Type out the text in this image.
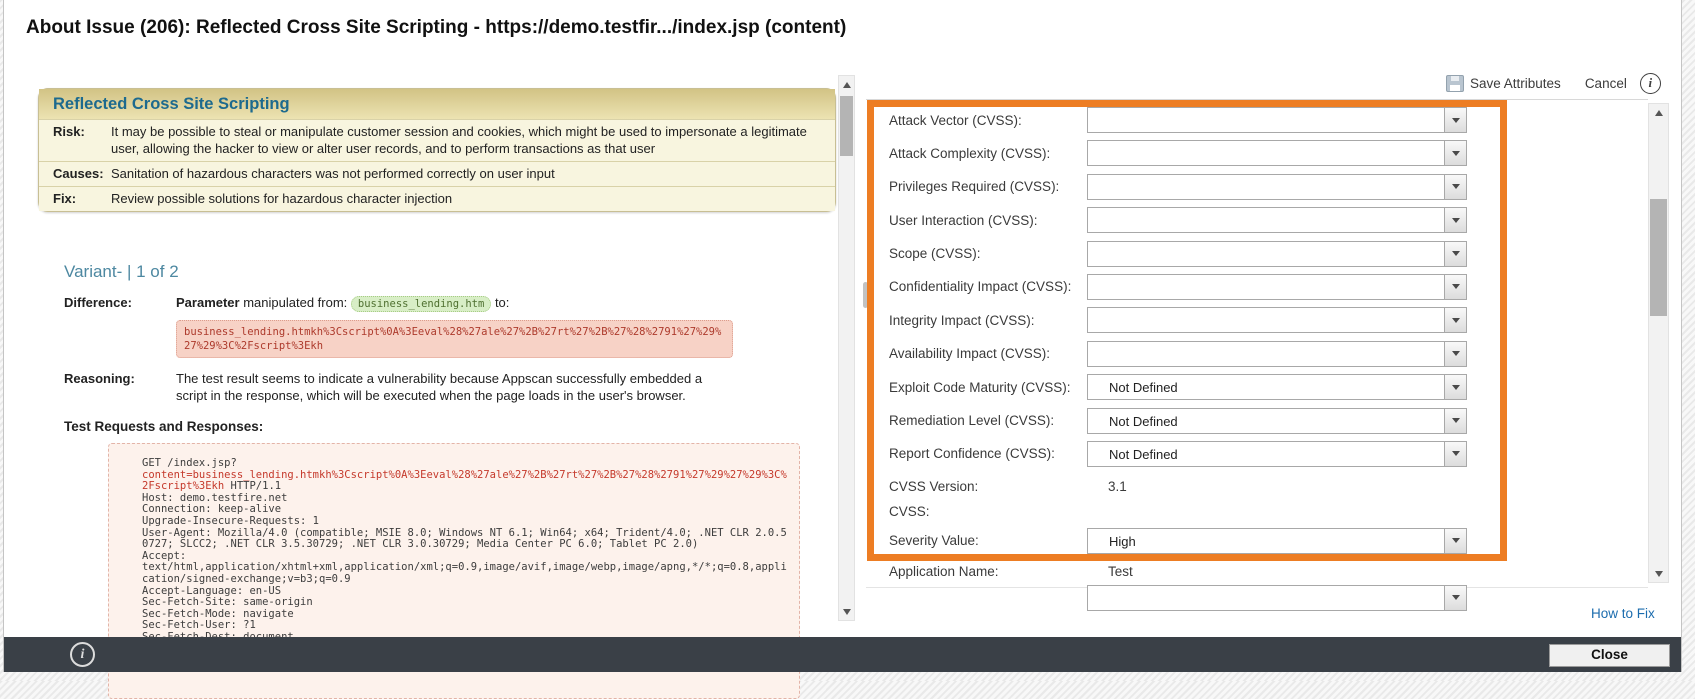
About Issue (206): Reflected Cross Site Scripting - https://demo.testfir.../index.jsp (content)
Reflected Cross Site Scripting
Risk:	It may be possible to steal or manipulate customer session and cookies, which might be used to impersonate a legitimate user, allowing the hacker to view or alter user records, and to perform transactions as that user
Causes: Sanitation of hazardous characters was not performed correctly on user input
Fix:	Review possible solutions for hazardous character injection
Variant- | 1 of 2
Difference:	Parameter manipulated from: business_lending.htm to:
business_lending.htmkh%3Cscript%0A%3Eeval%28%27ale%27%2B%27rt%27%2B%27%28%2791%27%29%27%29%3C%2Fscript%3Ekh
Reasoning:	The test result seems to indicate a vulnerability because Appscan successfully embedded a script in the response, which will be executed when the page loads in the user's browser.
Test Requests and Responses:
GET /index.jsp?
content=business_lending.htmkh%3Cscript%0A%3Eeval%28%27ale%27%2B%27rt%27%2B%27%28%2791%27%29%27%29%3C%2Fscript%3Ekh HTTP/1.1
Host: demo.testfire.net
Connection: keep-alive
Upgrade-Insecure-Requests: 1
User-Agent: Mozilla/4.0 (compatible; MSIE 8.0; Windows NT 6.1; Win64; x64; Trident/4.0; .NET CLR 2.0.50727; SLCC2; .NET CLR 3.5.30729; .NET CLR 3.0.30729; Media Center PC 6.0; Tablet PC 2.0)
Accept:
text/html,application/xhtml+xml,application/xml;q=0.9,image/avif,image/webp,image/apng,*/*;q=0.8,application/signed-exchange;v=b3;q=0.9
Accept-Language: en-US
Sec-Fetch-Site: same-origin
Sec-Fetch-Mode: navigate
Sec-Fetch-User: ?1
Save Attributes Cancel	i
Attack Vector (CVSS):
Attack Complexity (CVSS):
Privileges Required (CVSS):
User Interaction (CVSS):
Scope (CVSS):
Confidentiality Impact (CVSS):
Integrity Impact (CVSS):
Availability Impact (CVSS):
Exploit Code Maturity (CVSS):	Not Defined
Remediation Level (CVSS):	Not Defined
Report Confidence (CVSS):	Not Defined
CVSS Version:	3.1
CVSS:
Severity Value:	High
Application Name:	Test
How to Fix
i	Close
